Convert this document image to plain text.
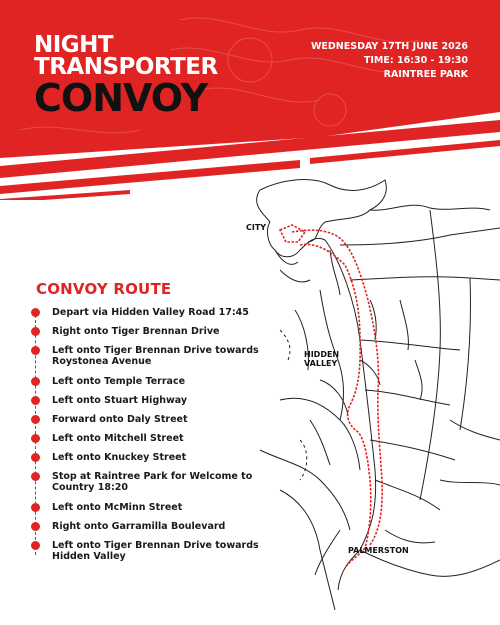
NIGHT
TRANSPORTER
CONVOY
WEDNESDAY 17TH JUNE 2026
TIME: 16:30 - 19:30
RAINTREE PARK
CITY
HIDDEN
VALLEY
PALMERSTON
CONVOY ROUTE
Depart via Hidden Valley Road 17:45
Right onto Tiger Brennan Drive
Left onto Tiger Brennan Drive towards Roystonea Avenue
Left onto Temple Terrace
Left onto Stuart Highway
Forward onto Daly Street
Left onto Mitchell Street
Left onto Knuckey Street
Stop at Raintree Park for Welcome to Country 18:20
Left onto McMinn Street
Right onto Garramilla Boulevard
Left onto Tiger Brennan Drive towards Hidden Valley
